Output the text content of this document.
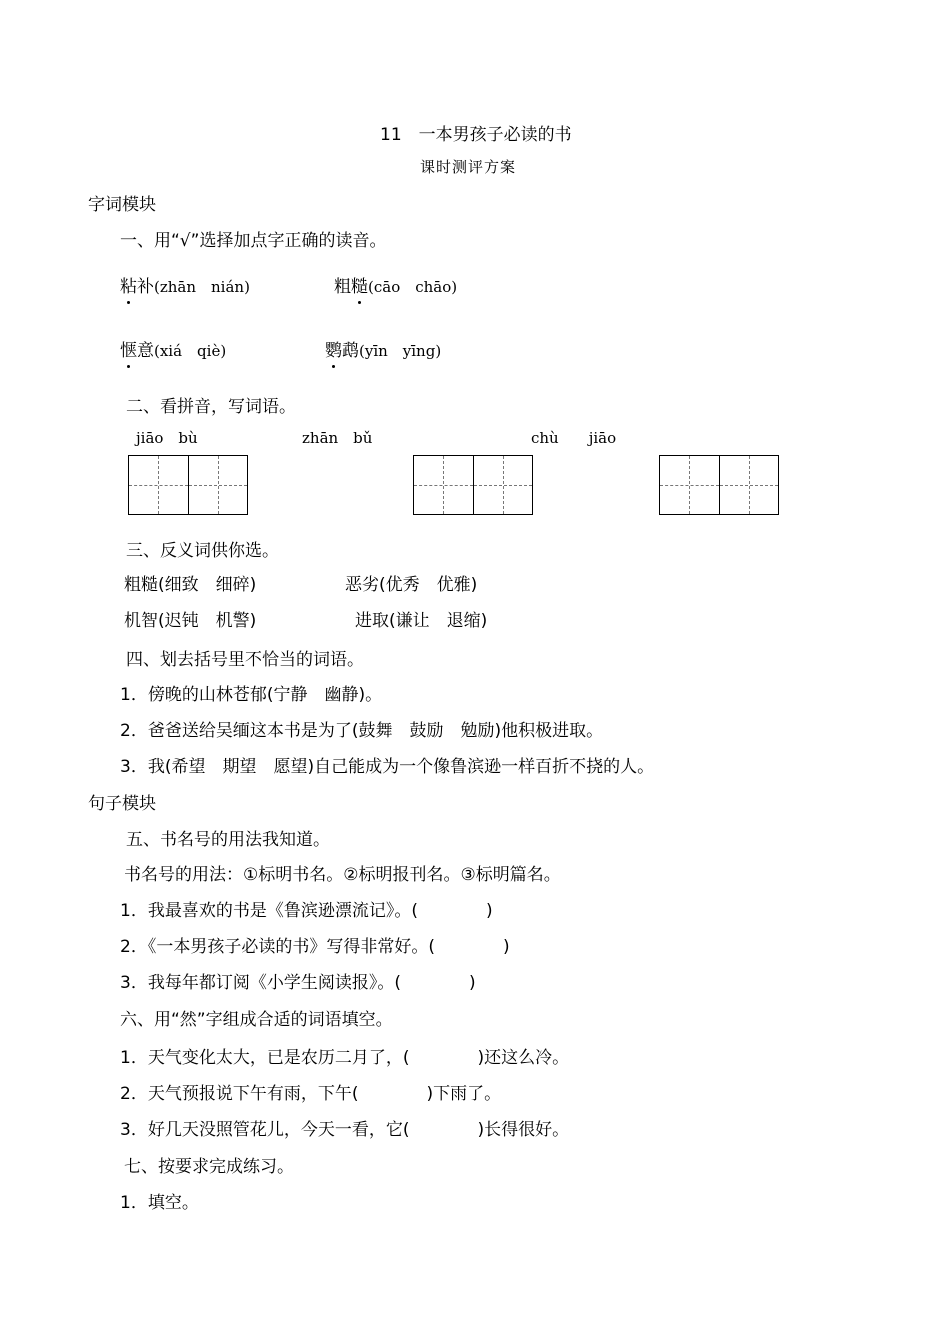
11　一本男孩子必读的书
课时测评方案
字词模块
一、用“√”选择加点字正确的读音。
粘补(zhān　nián)	粗糙(cāo　chāo)
惬意(xiá　qiè)	鹦鹉(yīn　yīng)
二、看拼音，写词语。
jiāo　bù	zhān　bǔ	chù　　jiāo
三、反义词供你选。
粗糙(细致　细碎)	恶劣(优秀　优雅)
机智(迟钝　机警)	进取(谦让　退缩)
四、划去括号里不恰当的词语。
1．傍晚的山林苍郁(宁静　幽静)。
2．爸爸送给吴缅这本书是为了(鼓舞　鼓励　勉励)他积极进取。
3．我(希望　期望　愿望)自己能成为一个像鲁滨逊一样百折不挠的人。
句子模块
五、书名号的用法我知道。
书名号的用法：①标明书名。②标明报刊名。③标明篇名。
1．我最喜欢的书是《鲁滨逊漂流记》。(　　　　)
2．《一本男孩子必读的书》写得非常好。(　　　　)
3．我每年都订阅《小学生阅读报》。(　　　　)
六、用“然”字组成合适的词语填空。
1．天气变化太大，已是农历二月了，(　　　　)还这么冷。
2．天气预报说下午有雨，下午(　　　　)下雨了。
3．好几天没照管花儿，今天一看，它(　　　　)长得很好。
七、按要求完成练习。
1．填空。
